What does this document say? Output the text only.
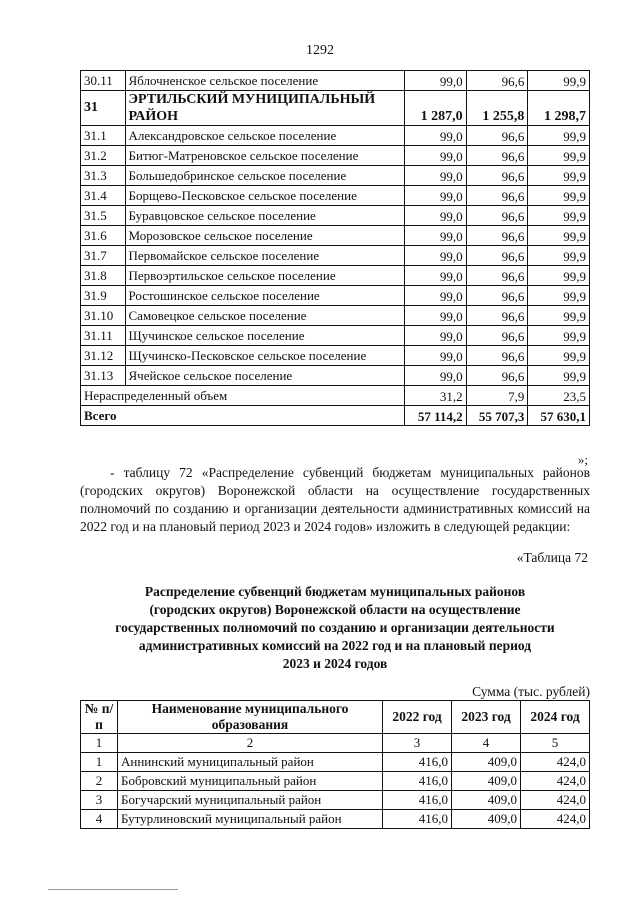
1292
30.11	Яблочненское сельское поселение	99,0	96,6	99,9
31	ЭРТИЛЬСКИЙ МУНИЦИПАЛЬНЫЙ РАЙОН	1 287,0	1 255,8	1 298,7
31.1	Александровское сельское поселение	99,0	96,6	99,9
31.2	Битюг-Матреновское сельское поселение	99,0	96,6	99,9
31.3	Большедобринское сельское поселение	99,0	96,6	99,9
31.4	Борщево-Песковское сельское поселение	99,0	96,6	99,9
31.5	Буравцовское сельское поселение	99,0	96,6	99,9
31.6	Морозовское сельское поселение	99,0	96,6	99,9
31.7	Первомайское сельское поселение	99,0	96,6	99,9
31.8	Первоэртильское сельское поселение	99,0	96,6	99,9
31.9	Ростошинское сельское поселение	99,0	96,6	99,9
31.10	Самовецкое сельское поселение	99,0	96,6	99,9
31.11	Щучинское сельское поселение	99,0	96,6	99,9
31.12	Щучинско-Песковское сельское поселение	99,0	96,6	99,9
31.13	Ячейское сельское поселение	99,0	96,6	99,9
Нераспределенный объем		31,2	7,9	23,5
Всего		57 114,2	55 707,3	57 630,1
»;
- таблицу 72 «Распределение субвенций бюджетам муниципальных районов (городских округов) Воронежской области на осуществление государственных полномочий по созданию и организации деятельности административных комиссий на 2022 год и на плановый период 2023 и 2024 годов» изложить в следующей редакции:
«Таблица 72
Распределение субвенций бюджетам муниципальных районов
(городских округов) Воронежской области на осуществление
государственных полномочий по созданию и организации деятельности
административных комиссий на 2022 год и на плановый период
2023 и 2024 годов
Сумма (тыс. рублей)
№ п/п	Наименование муниципального образования	2022 год	2023 год	2024 год
1	2	3	4	5
1	Аннинский муниципальный район	416,0	409,0	424,0
2	Бобровский муниципальный район	416,0	409,0	424,0
3	Богучарский муниципальный район	416,0	409,0	424,0
4	Бутурлиновский муниципальный район	416,0	409,0	424,0
